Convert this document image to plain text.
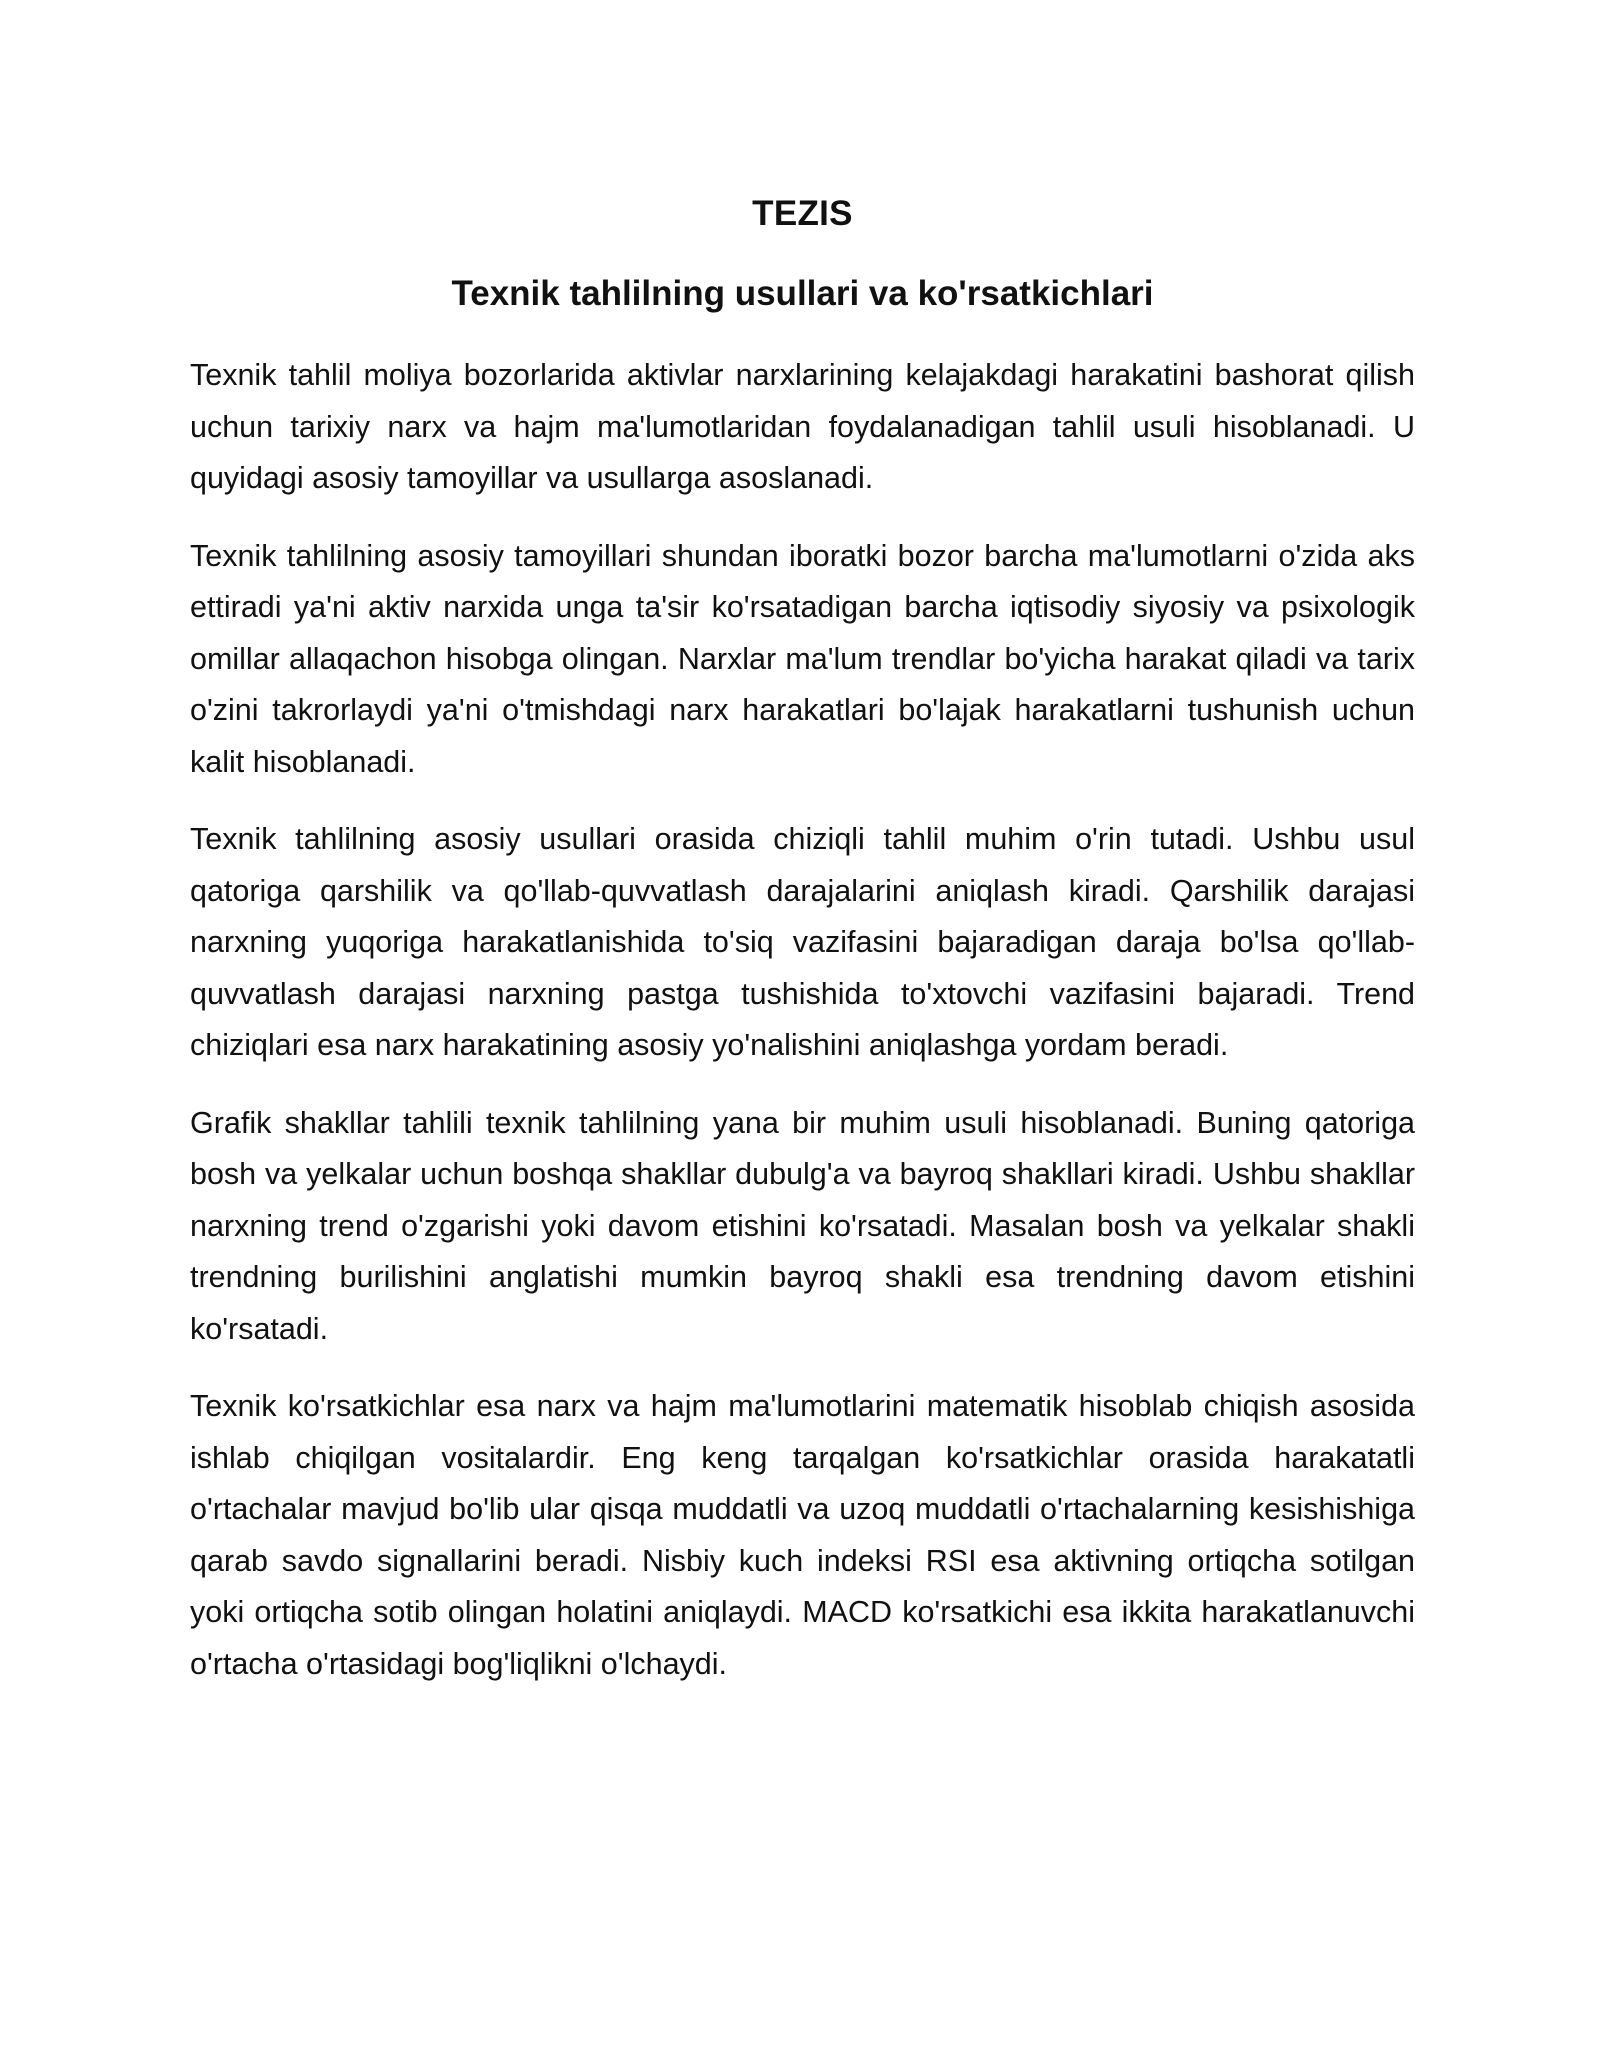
TEZIS
Texnik tahlilning usullari va ko'rsatkichlari

Texnik tahlil moliya bozorlarida aktivlar narxlarining kelajakdagi harakatini bashorat qilish uchun tarixiy narx va hajm ma'lumotlaridan foydalanadigan tahlil usuli hisoblanadi. U quyidagi asosiy tamoyillar va usullarga asoslanadi.

Texnik tahlilning asosiy tamoyillari shundan iboratki bozor barcha ma'lumotlarni o'zida aks ettiradi ya'ni aktiv narxida unga ta'sir ko'rsatadigan barcha iqtisodiy siyosiy va psixologik omillar allaqachon hisobga olingan. Narxlar ma'lum trendlar bo'yicha harakat qiladi va tarix o'zini takrorlaydi ya'ni o'tmishdagi narx harakatlari bo'lajak harakatlarni tushunish uchun kalit hisoblanadi.

Texnik tahlilning asosiy usullari orasida chiziqli tahlil muhim o'rin tutadi. Ushbu usul qatoriga qarshilik va qo'llab-quvvatlash darajalarini aniqlash kiradi. Qarshilik darajasi narxning yuqoriga harakatlanishida to'siq vazifasini bajaradigan daraja bo'lsa qo'llab-quvvatlash darajasi narxning pastga tushishida to'xtovchi vazifasini bajaradi. Trend chiziqlari esa narx harakatining asosiy yo'nalishini aniqlashga yordam beradi.

Grafik shakllar tahlili texnik tahlilning yana bir muhim usuli hisoblanadi. Buning qatoriga bosh va yelkalar uchun boshqa shakllar dubulg'a va bayroq shakllari kiradi. Ushbu shakllar narxning trend o'zgarishi yoki davom etishini ko'rsatadi. Masalan bosh va yelkalar shakli trendning burilishini anglatishi mumkin bayroq shakli esa trendning davom etishini ko'rsatadi.

Texnik ko'rsatkichlar esa narx va hajm ma'lumotlarini matematik hisoblab chiqish asosida ishlab chiqilgan vositalardir. Eng keng tarqalgan ko'rsatkichlar orasida harakatatli o'rtachalar mavjud bo'lib ular qisqa muddatli va uzoq muddatli o'rtachalarning kesishishiga qarab savdo signallarini beradi. Nisbiy kuch indeksi RSI esa aktivning ortiqcha sotilgan yoki ortiqcha sotib olingan holatini aniqlaydi. MACD ko'rsatkichi esa ikkita harakatlanuvchi o'rtacha o'rtasidagi bog'liqlikni o'lchaydi.
